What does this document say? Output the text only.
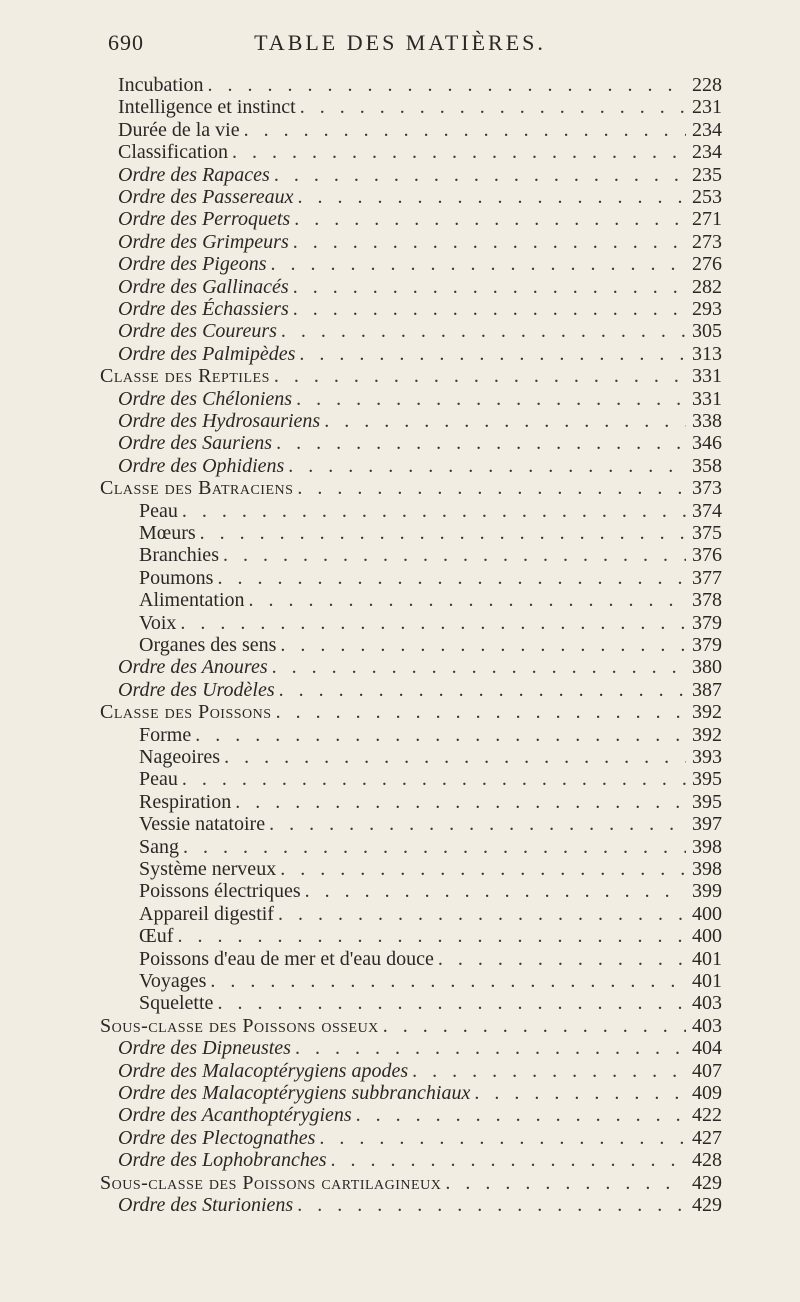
690	TABLE DES MATIÈRES.
Incubation . . .	228
Intelligence et instinct . . .	231
Durée de la vie . . .	234
Classification . . .	234
Ordre des Rapaces . . .	235
Ordre des Passereaux . . .	253
Ordre des Perroquets . . .	271
Ordre des Grimpeurs . . .	273
Ordre des Pigeons . . .	276
Ordre des Gallinacés . . .	282
Ordre des Échassiers . . .	293
Ordre des Coureurs . . .	305
Ordre des Palmipèdes . . .	313
Classe des Reptiles . . .	331
Ordre des Chéloniens . . .	331
Ordre des Hydrosauriens . . .	338
Ordre des Sauriens . . .	346
Ordre des Ophidiens . . .	358
Classe des Batraciens . . .	373
Peau . . .	374
Mœurs . . .	375
Branchies . . .	376
Poumons . . .	377
Alimentation . . .	378
Voix . . .	379
Organes des sens . . .	379
Ordre des Anoures . . .	380
Ordre des Urodèles . . .	387
Classe des Poissons . . .	392
Forme . . .	392
Nageoires . . .	393
Peau . . .	395
Respiration . . .	395
Vessie natatoire . . .	397
Sang . . .	398
Système nerveux . . .	398
Poissons électriques . . .	399
Appareil digestif . . .	400
Œuf . . .	400
Poissons d'eau de mer et d'eau douce . . .	401
Voyages . . .	401
Squelette . . .	403
Sous-classe des Poissons osseux . . .	403
Ordre des Dipneustes . . .	404
Ordre des Malacoptérygiens apodes . . .	407
Ordre des Malacoptérygiens subbranchiaux . . .	409
Ordre des Acanthoptérygiens . . .	422
Ordre des Plectognathes . . .	427
Ordre des Lophobranches . . .	428
Sous-classe des Poissons cartilagineux . . .	429
Ordre des Sturioniens . . .	429
